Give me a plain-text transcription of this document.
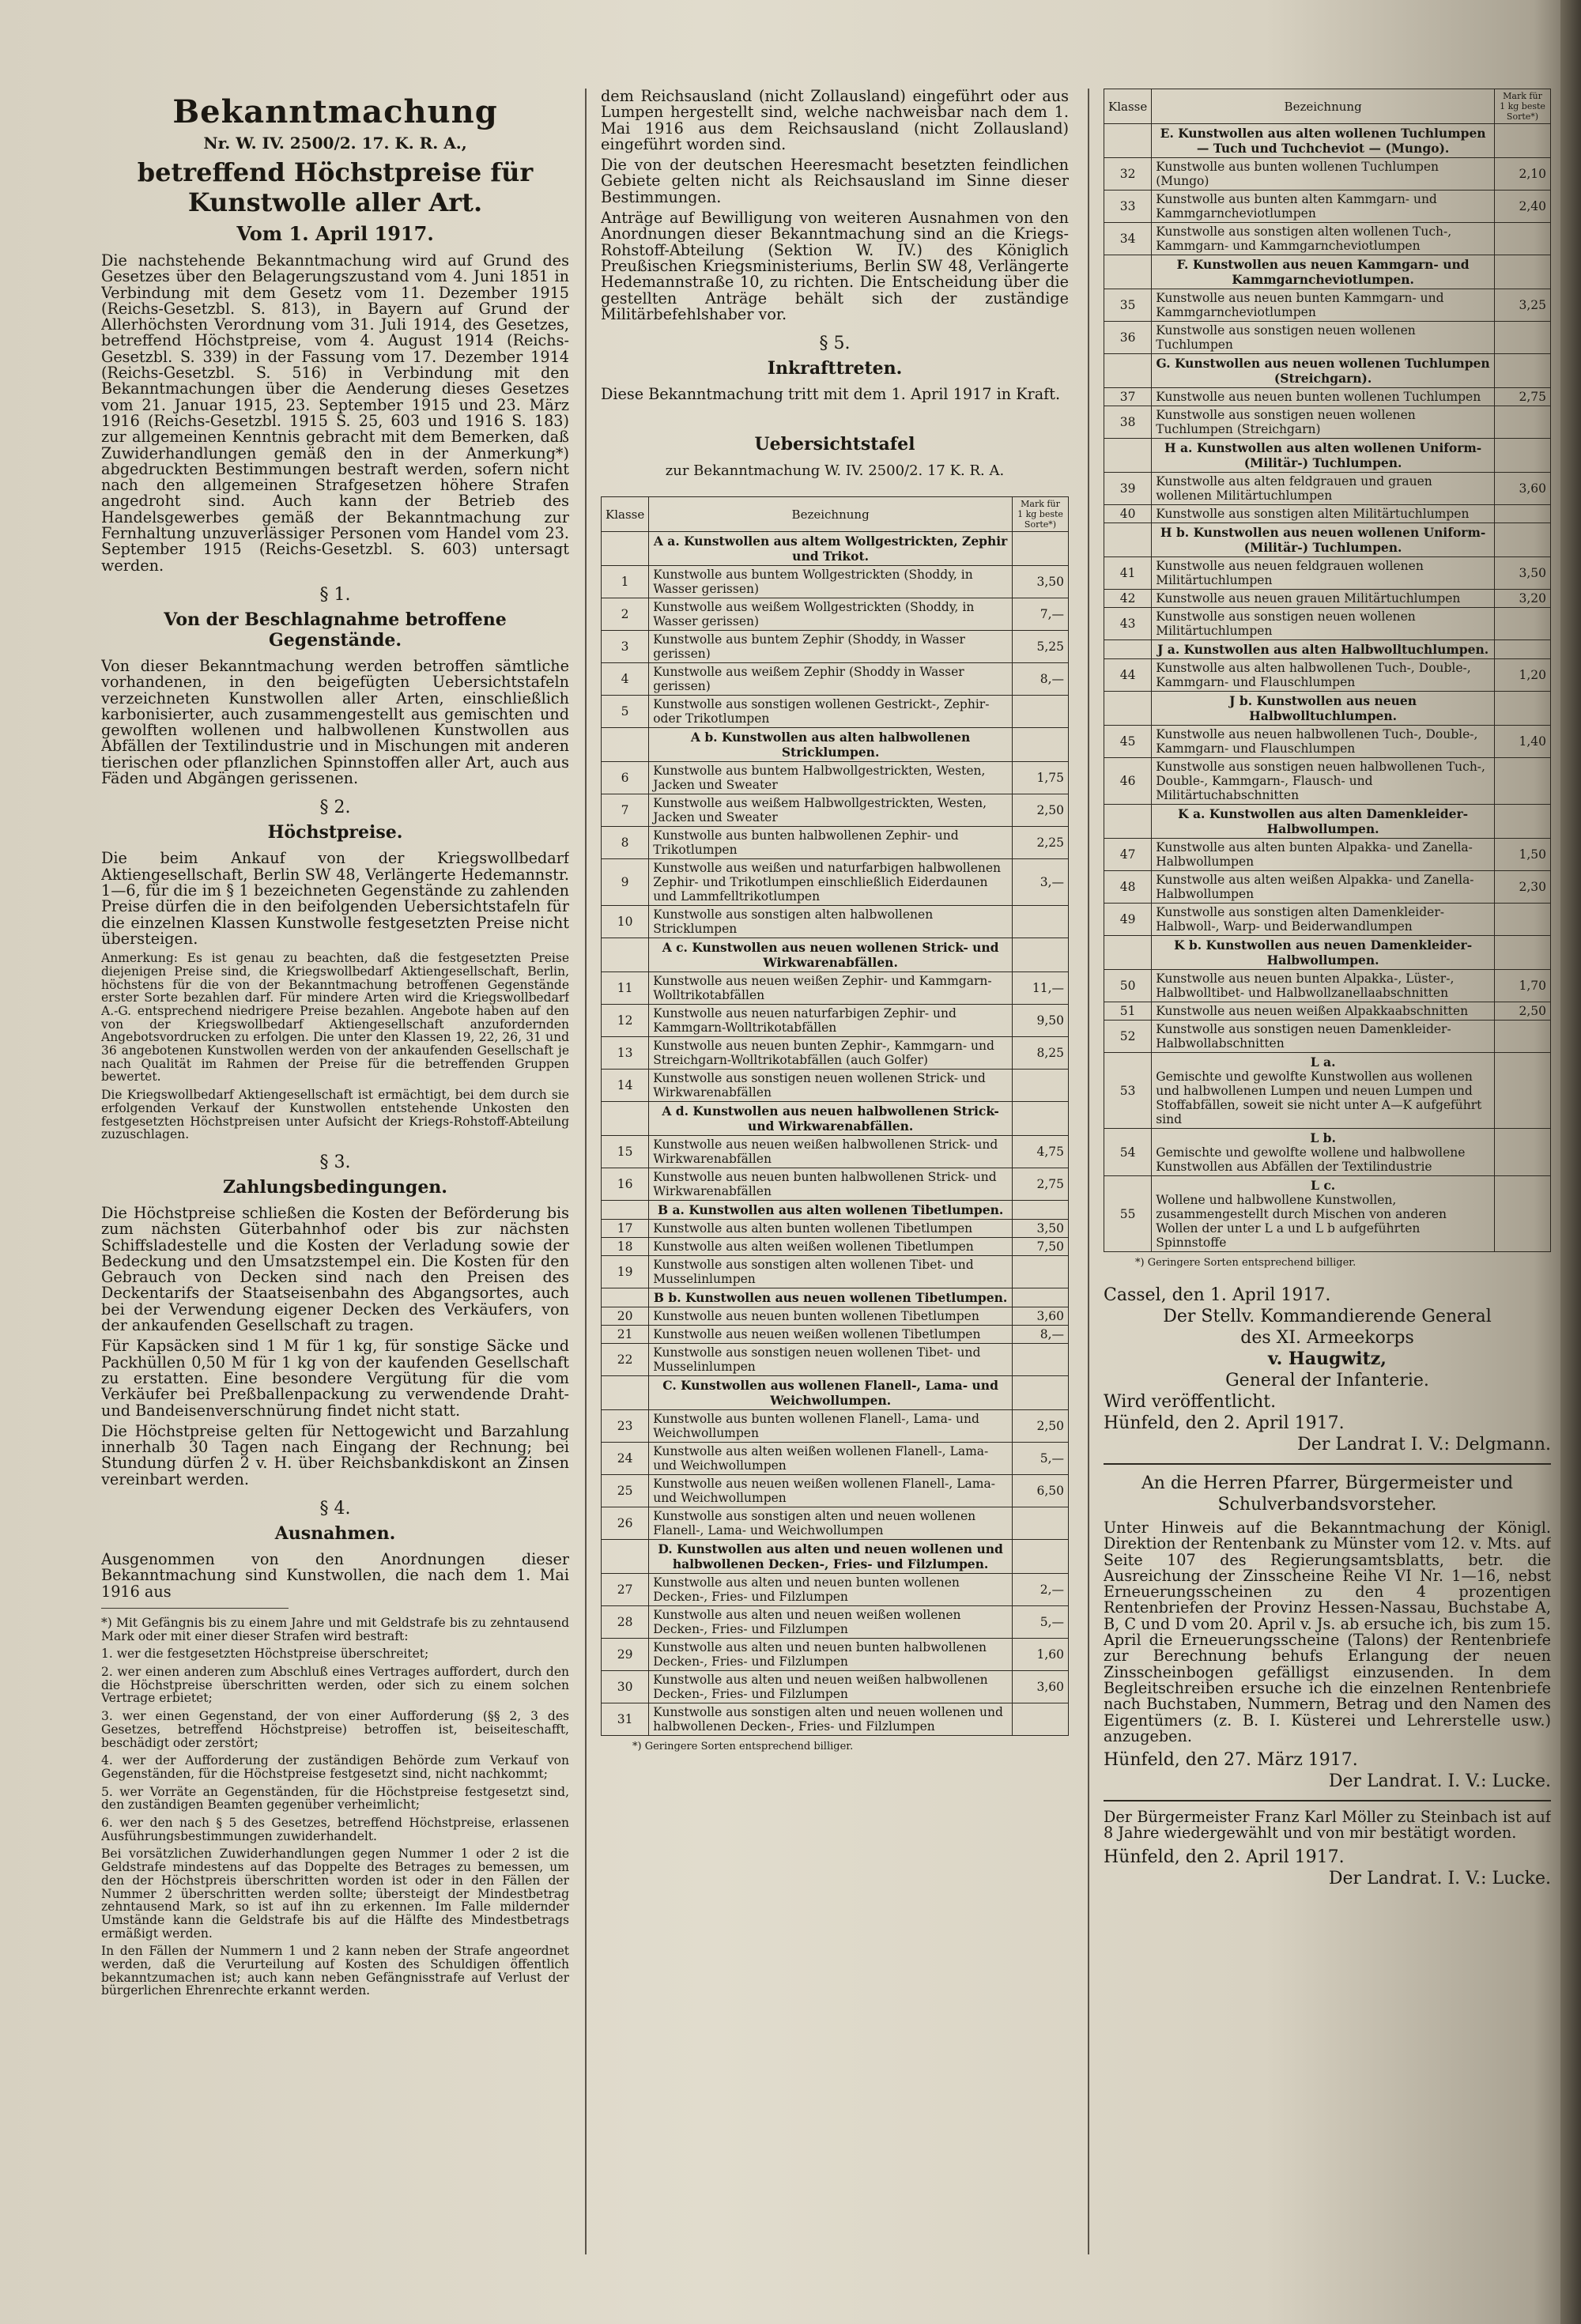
Bekanntmachung
Nr. W. IV. 2500/2. 17. K. R. A.,
betreffend Höchstpreise für Kunstwolle aller Art.
Vom 1. April 1917.

Die nachstehende Bekanntmachung wird auf Grund des Gesetzes über den Belagerungszustand vom 4. Juni 1851 in Verbindung mit dem Gesetz vom 11. Dezember 1915 (Reichs-Gesetzbl. S. 813), in Bayern auf Grund der Allerhöchsten Verordnung vom 31. Juli 1914, des Gesetzes, betreffend Höchstpreise, vom 4. August 1914 (Reichs-Gesetzbl. S. 339) in der Fassung vom 17. Dezember 1914 (Reichs-Gesetzbl. S. 516) in Verbindung mit den Bekanntmachungen über die Aenderung dieses Gesetzes vom 21. Januar 1915, 23. September 1915 und 23. März 1916 (Reichs-Gesetzbl. 1915 S. 25, 603 und 1916 S. 183) zur allgemeinen Kenntnis gebracht mit dem Bemerken, daß Zuwiderhandlungen gemäß den in der Anmerkung*) abgedruckten Bestimmungen bestraft werden, sofern nicht nach den allgemeinen Strafgesetzen höhere Strafen angedroht sind. Auch kann der Betrieb des Handelsgewerbes gemäß der Bekanntmachung zur Fernhaltung unzuverlässiger Personen vom Handel vom 23. September 1915 (Reichs-Gesetzbl. S. 603) untersagt werden.

§ 1.
Von der Beschlagnahme betroffene Gegenstände.

Von dieser Bekanntmachung werden betroffen sämtliche vorhandenen, in den beigefügten Uebersichtstafeln verzeichneten Kunstwollen aller Arten, einschließlich karbonisierter, auch zusammengestellt aus gemischten und gewolften wollenen und halbwollenen Kunstwollen aus Abfällen der Textilindustrie und in Mischungen mit anderen tierischen oder pflanzlichen Spinnstoffen aller Art, auch aus Fäden und Abgängen gerissenen.

§ 2.
Höchstpreise.

Die beim Ankauf von der Kriegswollbedarf Aktiengesellschaft, Berlin SW 48, Verlängerte Hedemannstr. 1—6, für die im § 1 bezeichneten Gegenstände zu zahlenden Preise dürfen die in den beifolgenden Uebersichtstafeln für die einzelnen Klassen Kunstwolle festgesetzten Preise nicht übersteigen.

Anmerkung: Es ist genau zu beachten, daß die festgesetzten Preise diejenigen Preise sind, die Kriegswollbedarf Aktiengesellschaft, Berlin, höchstens für die von der Bekanntmachung betroffenen Gegenstände erster Sorte bezahlen darf. Für mindere Arten wird die Kriegswollbedarf A.-G. entsprechend niedrigere Preise bezahlen. Angebote haben auf den von der Kriegswollbedarf Aktiengesellschaft anzufordernden Angebotsvordrucken zu erfolgen. Die unter den Klassen 19, 22, 26, 31 und 36 angebotenen Kunstwollen werden von der ankaufenden Gesellschaft je nach Qualität im Rahmen der Preise für die betreffenden Gruppen bewertet.

Die Kriegswollbedarf Aktiengesellschaft ist ermächtigt, bei dem durch sie erfolgenden Verkauf der Kunstwollen entstehende Unkosten den festgesetzten Höchstpreisen unter Aufsicht der Kriegs-Rohstoff-Abteilung zuzuschlagen.

§ 3.
Zahlungsbedingungen.

Die Höchstpreise schließen die Kosten der Beförderung bis zum nächsten Güterbahnhof oder bis zur nächsten Schiffsladestelle und die Kosten der Verladung sowie der Bedeckung und den Umsatzstempel ein. Die Kosten für den Gebrauch von Decken sind nach den Preisen des Deckentarifs der Staatseisenbahn des Abgangsortes, auch bei der Verwendung eigener Decken des Verkäufers, von der ankaufenden Gesellschaft zu tragen.

Für Kapsäcken sind 1 M für 1 kg, für sonstige Säcke und Packhüllen 0,50 M für 1 kg von der kaufenden Gesellschaft zu erstatten. Eine besondere Vergütung für die vom Verkäufer bei Preßballenpackung zu verwendende Draht- und Bandeisenverschnürung findet nicht statt.

Die Höchstpreise gelten für Nettogewicht und Barzahlung innerhalb 30 Tagen nach Eingang der Rechnung; bei Stundung dürfen 2 v. H. über Reichsbankdiskont an Zinsen vereinbart werden.

§ 4.
Ausnahmen.

Ausgenommen von den Anordnungen dieser Bekanntmachung sind Kunstwollen, die nach dem 1. Mai 1916 aus

*) Mit Gefängnis bis zu einem Jahre und mit Geldstrafe bis zu zehntausend Mark oder mit einer dieser Strafen wird bestraft:

1. wer die festgesetzten Höchstpreise überschreitet;

2. wer einen anderen zum Abschluß eines Vertrages auffordert, durch den die Höchstpreise überschritten werden, oder sich zu einem solchen Vertrage erbietet;

3. wer einen Gegenstand, der von einer Aufforderung (§§ 2, 3 des Gesetzes, betreffend Höchstpreise) betroffen ist, beiseiteschafft, beschädigt oder zerstört;

4. wer der Aufforderung der zuständigen Behörde zum Verkauf von Gegenständen, für die Höchstpreise festgesetzt sind, nicht nachkommt;

5. wer Vorräte an Gegenständen, für die Höchstpreise festgesetzt sind, den zuständigen Beamten gegenüber verheimlicht;

6. wer den nach § 5 des Gesetzes, betreffend Höchstpreise, erlassenen Ausführungsbestimmungen zuwiderhandelt.

Bei vorsätzlichen Zuwiderhandlungen gegen Nummer 1 oder 2 ist die Geldstrafe mindestens auf das Doppelte des Betrages zu bemessen, um den der Höchstpreis überschritten worden ist oder in den Fällen der Nummer 2 überschritten werden sollte; übersteigt der Mindestbetrag zehntausend Mark, so ist auf ihn zu erkennen. Im Falle mildernder Umstände kann die Geldstrafe bis auf die Hälfte des Mindestbetrags ermäßigt werden.

In den Fällen der Nummern 1 und 2 kann neben der Strafe angeordnet werden, daß die Verurteilung auf Kosten des Schuldigen öffentlich bekanntzumachen ist; auch kann neben Gefängnisstrafe auf Verlust der bürgerlichen Ehrenrechte erkannt werden.

dem Reichsausland (nicht Zollausland) eingeführt oder aus Lumpen hergestellt sind, welche nachweisbar nach dem 1. Mai 1916 aus dem Reichsausland (nicht Zollausland) eingeführt worden sind.

Die von der deutschen Heeresmacht besetzten feindlichen Gebiete gelten nicht als Reichsausland im Sinne dieser Bestimmungen.

Anträge auf Bewilligung von weiteren Ausnahmen von den Anordnungen dieser Bekanntmachung sind an die Kriegs-Rohstoff-Abteilung (Sektion W. IV.) des Königlich Preußischen Kriegsministeriums, Berlin SW 48, Verlängerte Hedemannstraße 10, zu richten. Die Entscheidung über die gestellten Anträge behält sich der zuständige Militärbefehlshaber vor.

§ 5.
Inkrafttreten.

Diese Bekanntmachung tritt mit dem 1. April 1917 in Kraft.

Uebersichtstafel
zur Bekanntmachung W. IV. 2500/2. 17 K. R. A.
Klasse	Bezeichnung	Mark für 1 kg beste Sorte*)
	A a. Kunstwollen aus altem Wollgestrickten, Zephir und Trikot.	
1	Kunstwolle aus buntem Wollgestrickten (Shoddy, in Wasser gerissen)	3,50
2	Kunstwolle aus weißem Wollgestrickten (Shoddy, in Wasser gerissen)	7,—
3	Kunstwolle aus buntem Zephir (Shoddy, in Wasser gerissen)	5,25
4	Kunstwolle aus weißem Zephir (Shoddy in Wasser gerissen)	8,—
5	Kunstwolle aus sonstigen wollenen Gestrickt-, Zephir- oder Trikotlumpen	
	A b. Kunstwollen aus alten halbwollenen Stricklumpen.	
6	Kunstwolle aus buntem Halbwollgestrickten, Westen, Jacken und Sweater	1,75
7	Kunstwolle aus weißem Halbwollgestrickten, Westen, Jacken und Sweater	2,50
8	Kunstwolle aus bunten halbwollenen Zephir- und Trikotlumpen	2,25
9	Kunstwolle aus weißen und naturfarbigen halbwollenen Zephir- und Trikotlumpen einschließlich Eiderdaunen und Lammfelltrikotlumpen	3,—
10	Kunstwolle aus sonstigen alten halbwollenen Stricklumpen	
	A c. Kunstwollen aus neuen wollenen Strick- und Wirkwarenabfällen.	
11	Kunstwolle aus neuen weißen Zephir- und Kammgarn-Wolltrikotabfällen	11,—
12	Kunstwolle aus neuen naturfarbigen Zephir- und Kammgarn-Wolltrikotabfällen	9,50
13	Kunstwolle aus neuen bunten Zephir-, Kammgarn- und Streichgarn-Wolltrikotabfällen (auch Golfer)	8,25
14	Kunstwolle aus sonstigen neuen wollenen Strick- und Wirkwarenabfällen	
	A d. Kunstwollen aus neuen halbwollenen Strick- und Wirkwarenabfällen.	
15	Kunstwolle aus neuen weißen halbwollenen Strick- und Wirkwarenabfällen	4,75
16	Kunstwolle aus neuen bunten halbwollenen Strick- und Wirkwarenabfällen	2,75
	B a. Kunstwollen aus alten wollenen Tibetlumpen.	
17	Kunstwolle aus alten bunten wollenen Tibetlumpen	3,50
18	Kunstwolle aus alten weißen wollenen Tibetlumpen	7,50
19	Kunstwolle aus sonstigen alten wollenen Tibet- und Musselinlumpen	
	B b. Kunstwollen aus neuen wollenen Tibetlumpen.	
20	Kunstwolle aus neuen bunten wollenen Tibetlumpen	3,60
21	Kunstwolle aus neuen weißen wollenen Tibetlumpen	8,—
22	Kunstwolle aus sonstigen neuen wollenen Tibet- und Musselinlumpen	
	C. Kunstwollen aus wollenen Flanell-, Lama- und Weichwollumpen.	
23	Kunstwolle aus bunten wollenen Flanell-, Lama- und Weichwollumpen	2,50
24	Kunstwolle aus alten weißen wollenen Flanell-, Lama- und Weichwollumpen	5,—
25	Kunstwolle aus neuen weißen wollenen Flanell-, Lama- und Weichwollumpen	6,50
26	Kunstwolle aus sonstigen alten und neuen wollenen Flanell-, Lama- und Weichwollumpen	
	D. Kunstwollen aus alten und neuen wollenen und halbwollenen Decken-, Fries- und Filzlumpen.	
27	Kunstwolle aus alten und neuen bunten wollenen Decken-, Fries- und Filzlumpen	2,—
28	Kunstwolle aus alten und neuen weißen wollenen Decken-, Fries- und Filzlumpen	5,—
29	Kunstwolle aus alten und neuen bunten halbwollenen Decken-, Fries- und Filzlumpen	1,60
30	Kunstwolle aus alten und neuen weißen halbwollenen Decken-, Fries- und Filzlumpen	3,60
31	Kunstwolle aus sonstigen alten und neuen wollenen und halbwollenen Decken-, Fries- und Filzlumpen	
*) Geringere Sorten entsprechend billiger.
Klasse	Bezeichnung	Mark für 1 kg beste Sorte*)
	E. Kunstwollen aus alten wollenen Tuchlumpen — Tuch und Tuchcheviot — (Mungo).	
32	Kunstwolle aus bunten wollenen Tuchlumpen (Mungo)	2,10
33	Kunstwolle aus bunten alten Kammgarn- und Kammgarncheviotlumpen	2,40
34	Kunstwolle aus sonstigen alten wollenen Tuch-, Kammgarn- und Kammgarncheviotlumpen	
	F. Kunstwollen aus neuen Kammgarn- und Kammgarncheviotlumpen.	
35	Kunstwolle aus neuen bunten Kammgarn- und Kammgarncheviotlumpen	3,25
36	Kunstwolle aus sonstigen neuen wollenen Tuchlumpen	
	G. Kunstwollen aus neuen wollenen Tuchlumpen (Streichgarn).	
37	Kunstwolle aus neuen bunten wollenen Tuchlumpen	2,75
38	Kunstwolle aus sonstigen neuen wollenen Tuchlumpen (Streichgarn)	
	H a. Kunstwollen aus alten wollenen Uniform- (Militär-) Tuchlumpen.	
39	Kunstwolle aus alten feldgrauen und grauen wollenen Militärtuchlumpen	3,60
40	Kunstwolle aus sonstigen alten Militärtuchlumpen	
	H b. Kunstwollen aus neuen wollenen Uniform- (Militär-) Tuchlumpen.	
41	Kunstwolle aus neuen feldgrauen wollenen Militärtuchlumpen	3,50
42	Kunstwolle aus neuen grauen Militärtuchlumpen	3,20
43	Kunstwolle aus sonstigen neuen wollenen Militärtuchlumpen	
	J a. Kunstwollen aus alten Halbwolltuchlumpen.	
44	Kunstwolle aus alten halbwollenen Tuch-, Double-, Kammgarn- und Flauschlumpen	1,20
	J b. Kunstwollen aus neuen Halbwolltuchlumpen.	
45	Kunstwolle aus neuen halbwollenen Tuch-, Double-, Kammgarn- und Flauschlumpen	1,40
46	Kunstwolle aus sonstigen neuen halbwollenen Tuch-, Double-, Kammgarn-, Flausch- und Militärtuchabschnitten	
	K a. Kunstwollen aus alten Damenkleider-Halbwollumpen.	
47	Kunstwolle aus alten bunten Alpakka- und Zanella-Halbwollumpen	1,50
48	Kunstwolle aus alten weißen Alpakka- und Zanella-Halbwollumpen	2,30
49	Kunstwolle aus sonstigen alten Damenkleider-Halbwoll-, Warp- und Beiderwandlumpen	
	K b. Kunstwollen aus neuen Damenkleider-Halbwollumpen.	
50	Kunstwolle aus neuen bunten Alpakka-, Lüster-, Halbwolltibet- und Halbwollzanellaabschnitten	1,70
51	Kunstwolle aus neuen weißen Alpakkaabschnitten	2,50
52	Kunstwolle aus sonstigen neuen Damenkleider-Halbwollabschnitten	
53	L a.
Gemischte und gewolfte Kunstwollen aus wollenen und halbwollenen Lumpen und neuen Lumpen und Stoffabfällen, soweit sie nicht unter A—K aufgeführt sind	
54	L b.
Gemischte und gewolfte wollene und halbwollene Kunstwollen aus Abfällen der Textilindustrie	
55	L c.
Wollene und halbwollene Kunstwollen, zusammengestellt durch Mischen von anderen Wollen der unter L a und L b aufgeführten Spinnstoffe	
*) Geringere Sorten entsprechend billiger.
Cassel, den 1. April 1917.
Der Stellv. Kommandierende General
des XI. Armeekorps
v. Haugwitz,
General der Infanterie.
Wird veröffentlicht.
Hünfeld, den 2. April 1917.
Der Landrat I. V.: Delgmann.
An die Herren Pfarrer, Bürgermeister und Schulverbandsvorsteher.

Unter Hinweis auf die Bekanntmachung der Königl. Direktion der Rentenbank zu Münster vom 12. v. Mts. auf Seite 107 des Regierungsamtsblatts, betr. die Ausreichung der Zinsscheine Reihe VI Nr. 1—16, nebst Erneuerungsscheinen zu den 4 prozentigen Rentenbriefen der Provinz Hessen-Nassau, Buchstabe A, B, C und D vom 20. April v. Js. ab ersuche ich, bis zum 15. April die Erneuerungsscheine (Talons) der Rentenbriefe zur Berechnung behufs Erlangung der neuen Zinsscheinbogen gefälligst einzusenden. In dem Begleitschreiben ersuche ich die einzelnen Rentenbriefe nach Buchstaben, Nummern, Betrag und den Namen des Eigentümers (z. B. I. Küsterei und Lehrerstelle usw.) anzugeben.

Hünfeld, den 27. März 1917.
Der Landrat. I. V.: Lucke.

Der Bürgermeister Franz Karl Möller zu Steinbach ist auf 8 Jahre wiedergewählt und von mir bestätigt worden.

Hünfeld, den 2. April 1917.
Der Landrat. I. V.: Lucke.
